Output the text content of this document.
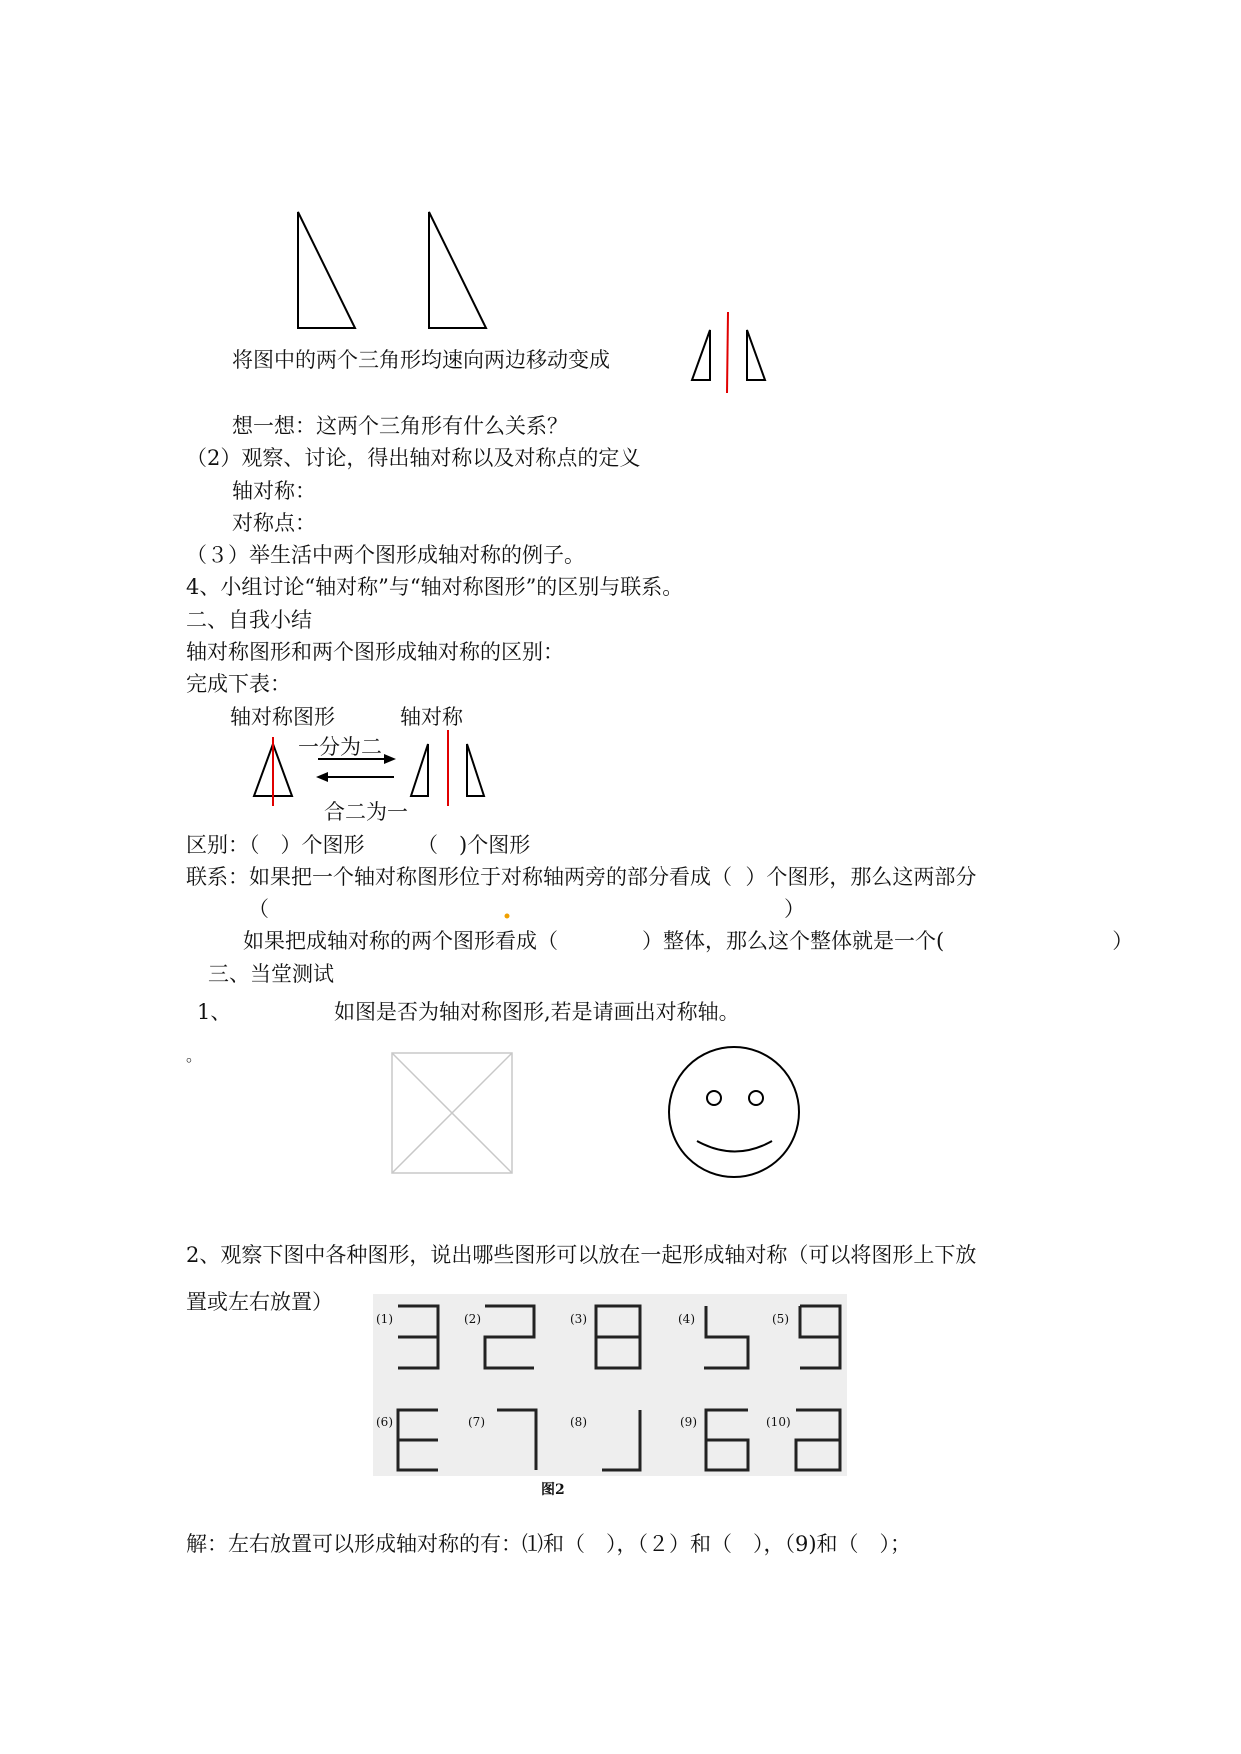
将图中的两个三角形均速向两边移动变成
想一想：这两个三角形有什么关系？
（2）观察、讨论，得出轴对称以及对称点的定义
轴对称：
对称点：
（３）举生活中两个图形成轴对称的例子。
4、小组讨论“轴对称”与“轴对称图形”的区别与联系。
二、自我小结
轴对称图形和两个图形成轴对称的区别：
完成下表：
轴对称图形	轴对称
一分为二
合二为一
区别：（　）个图形　　　（　)个图形
联系：如果把一个轴对称图形位于对称轴两旁的部分看成（  ）个图形，那么这两部分
（	）
如果把成轴对称的两个图形看成（　　　　）整体，那么这个整体就是一个(　　　　　　　　）
三、当堂测试
1、	如图是否为轴对称图形,若是请画出对称轴。
。
2、观察下图中各种图形，说出哪些图形可以放在一起形成轴对称（可以将图形上下放
置或左右放置）
(1)	(2)	(3)	(4)	(5)
(6)	(7)	(8)	(9)	(10)
图2
解：左右放置可以形成轴对称的有：⑴和（　），（２）和（　），（9)和（　）；
